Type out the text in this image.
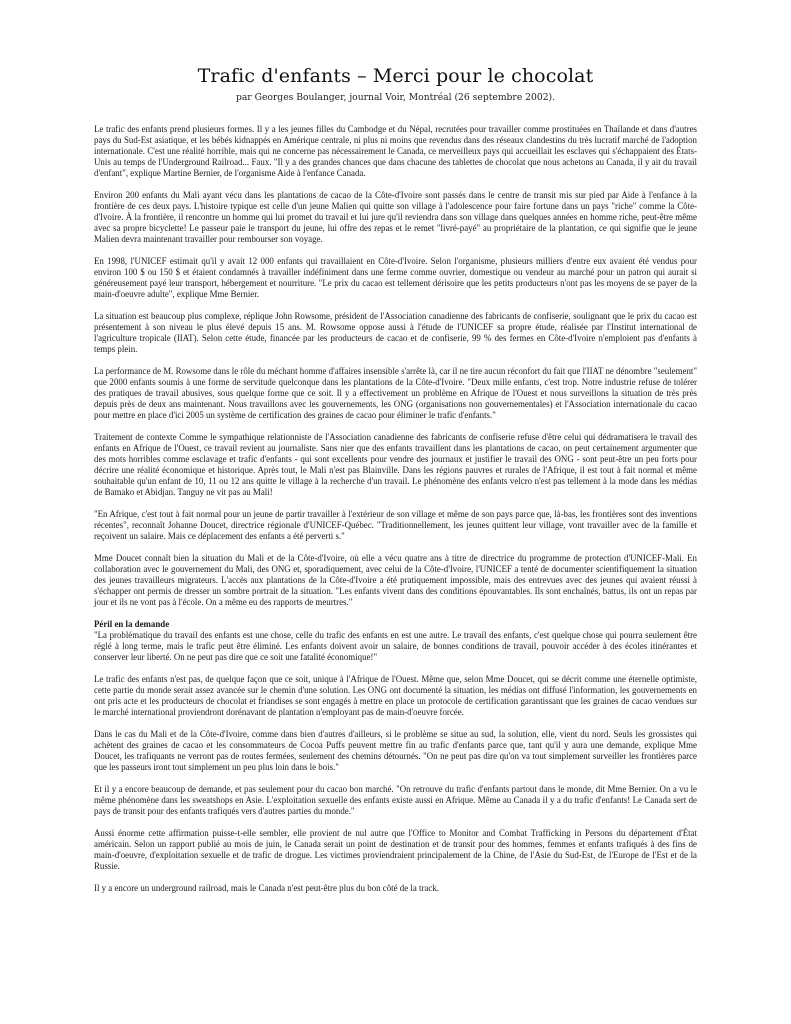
Trafic d'enfants – Merci pour le chocolat
par Georges Boulanger, journal Voir, Montréal (26 septembre 2002).

Le trafic des enfants prend plusieurs formes. Il y a les jeunes filles du Cambodge et du Népal, recrutées pour travailler comme prostituées en Thaïlande et dans d'autres pays du Sud-Est asiatique, et les bébés kidnappés en Amérique centrale, ni plus ni moins que revendus dans des réseaux clandestins du très lucratif marché de l'adoption internationale. C'est une réalité horrible, mais qui ne concerne pas nécessairement le Canada, ce merveilleux pays qui accueillait les esclaves qui s'échappaient des États-Unis au temps de l'Underground Railroad... Faux. "Il y a des grandes chances que dans chacune des tablettes de chocolat que nous achetons au Canada, il y ait du travail d'enfant", explique Martine Bernier, de l'organisme Aide à l'enfance Canada.

Environ 200 enfants du Mali ayant vécu dans les plantations de cacao de la Côte-d'Ivoire sont passés dans le centre de transit mis sur pied par Aide à l'enfance à la frontière de ces deux pays. L'histoire typique est celle d'un jeune Malien qui quitte son village à l'adolescence pour faire fortune dans un pays "riche" comme la Côte-d'Ivoire. À la frontière, il rencontre un homme qui lui promet du travail et lui jure qu'il reviendra dans son village dans quelques années en homme riche, peut-être même avec sa propre bicyclette! Le passeur paie le transport du jeune, lui offre des repas et le remet "livré-payé" au propriétaire de la plantation, ce qui signifie que le jeune Malien devra maintenant travailler pour rembourser son voyage.

En 1998, l'UNICEF estimait qu'il y avait 12 000 enfants qui travaillaient en Côte-d'Ivoire. Selon l'organisme, plusieurs milliers d'entre eux avaient été vendus pour environ 100 $ ou 150 $ et étaient condamnés à travailler indéfiniment dans une ferme comme ouvrier, domestique ou vendeur au marché pour un patron qui aurait si généreusement payé leur transport, hébergement et nourriture. "Le prix du cacao est tellement dérisoire que les petits producteurs n'ont pas les moyens de se payer de la main-d'oeuvre adulte", explique Mme Bernier.

La situation est beaucoup plus complexe, réplique John Rowsome, président de l'Association canadienne des fabricants de confiserie, soulignant que le prix du cacao est présentement à son niveau le plus élevé depuis 15 ans. M. Rowsome oppose aussi à l'étude de l'UNICEF sa propre étude, réalisée par l'Institut international de l'agriculture tropicale (IIAT). Selon cette étude, financée par les producteurs de cacao et de confiserie, 99 % des fermes en Côte-d'Ivoire n'emploient pas d'enfants à temps plein.

La performance de M. Rowsome dans le rôle du méchant homme d'affaires insensible s'arrête là, car il ne tire aucun réconfort du fait que l'IIAT ne dénombre "seulement" que 2000 enfants soumis à une forme de servitude quelconque dans les plantations de la Côte-d'Ivoire. "Deux mille enfants, c'est trop. Notre industrie refuse de tolérer des pratiques de travail abusives, sous quelque forme que ce soit. Il y a effectivement un problème en Afrique de l'Ouest et nous surveillons la situation de très près depuis près de deux ans maintenant. Nous travaillons avec les gouvernements, les ONG (organisations non gouvernementales) et l'Association internationale du cacao pour mettre en place d'ici 2005 un système de certification des graines de cacao pour éliminer le trafic d'enfants."

Traitement de contexte Comme le sympathique relationniste de l'Association canadienne des fabricants de confiserie refuse d'être celui qui dédramatisera le travail des enfants en Afrique de l'Ouest, ce travail revient au journaliste. Sans nier que des enfants travaillent dans les plantations de cacao, on peut certainement argumenter que des mots horribles comme esclavage et trafic d'enfants - qui sont excellents pour vendre des journaux et justifier le travail des ONG - sont peut-être un peu forts pour décrire une réalité économique et historique. Après tout, le Mali n'est pas Blainville. Dans les régions pauvres et rurales de l'Afrique, il est tout à fait normal et même souhaitable qu'un enfant de 10, 11 ou 12 ans quitte le village à la recherche d'un travail. Le phénomène des enfants velcro n'est pas tellement à la mode dans les médias de Bamako et Abidjan. Tanguy ne vit pas au Mali!

"En Afrique, c'est tout à fait normal pour un jeune de partir travailler à l'extérieur de son village et même de son pays parce que, là-bas, les frontières sont des inventions récentes", reconnaît Johanne Doucet, directrice régionale d'UNICEF-Québec. "Traditionnellement, les jeunes quittent leur village, vont travailler avec de la famille et reçoivent un salaire. Mais ce déplacement des enfants a été perverti s."

Mme Doucet connaît bien la situation du Mali et de la Côte-d'Ivoire, où elle a vécu quatre ans à titre de directrice du programme de protection d'UNICEF-Mali. En collaboration avec le gouvernement du Mali, des ONG et, sporadiquement, avec celui de la Côte-d'Ivoire, l'UNICEF a tenté de documenter scientifiquement la situation des jeunes travailleurs migrateurs. L'accès aux plantations de la Côte-d'Ivoire a été pratiquement impossible, mais des entrevues avec des jeunes qui avaient réussi à s'échapper ont permis de dresser un sombre portrait de la situation. "Les enfants vivent dans des conditions épouvantables. Ils sont enchaînés, battus, ils ont un repas par jour et ils ne vont pas à l'école. On a même eu des rapports de meurtres."

Péril en la demande

"La problématique du travail des enfants est une chose, celle du trafic des enfants en est une autre. Le travail des enfants, c'est quelque chose qui pourra seulement être réglé à long terme, mais le trafic peut être éliminé. Les enfants doivent avoir un salaire, de bonnes conditions de travail, pouvoir accéder à des écoles itinérantes et conserver leur liberté. On ne peut pas dire que ce soit une fatalité économique!"

Le trafic des enfants n'est pas, de quelque façon que ce soit, unique à l'Afrique de l'Ouest. Même que, selon Mme Doucet, qui se décrit comme une éternelle optimiste, cette partie du monde serait assez avancée sur le chemin d'une solution. Les ONG ont documenté la situation, les médias ont diffusé l'information, les gouvernements en ont pris acte et les producteurs de chocolat et friandises se sont engagés à mettre en place un protocole de certification garantissant que les graines de cacao vendues sur le marché international proviendront dorénavant de plantation n'employant pas de main-d'oeuvre forcée.

Dans le cas du Mali et de la Côte-d'Ivoire, comme dans bien d'autres d'ailleurs, si le problème se situe au sud, la solution, elle, vient du nord. Seuls les grossistes qui achètent des graines de cacao et les consommateurs de Cocoa Puffs peuvent mettre fin au trafic d'enfants parce que, tant qu'il y aura une demande, explique Mme Doucet, les trafiquants ne verront pas de routes fermées, seulement des chemins détournés. "On ne peut pas dire qu'on va tout simplement surveiller les frontières parce que les passeurs iront tout simplement un peu plus loin dans le bois."

Et il y a encore beaucoup de demande, et pas seulement pour du cacao bon marché. "On retrouve du trafic d'enfants partout dans le monde, dit Mme Bernier. On a vu le même phénomène dans les sweatshops en Asie. L'exploitation sexuelle des enfants existe aussi en Afrique. Même au Canada il y a du trafic d'enfants! Le Canada sert de pays de transit pour des enfants trafiqués vers d'autres parties du monde."

Aussi énorme cette affirmation puisse-t-elle sembler, elle provient de nul autre que l'Office to Monitor and Combat Trafficking in Persons du département d'État américain. Selon un rapport publié au mois de juin, le Canada serait un point de destination et de transit pour des hommes, femmes et enfants trafiqués à des fins de main-d'oeuvre, d'exploitation sexuelle et de trafic de drogue. Les victimes proviendraient principalement de la Chine, de l'Asie du Sud-Est, de l'Europe de l'Est et de la Russie.

Il y a encore un underground railroad, mais le Canada n'est peut-être plus du bon côté de la track.
